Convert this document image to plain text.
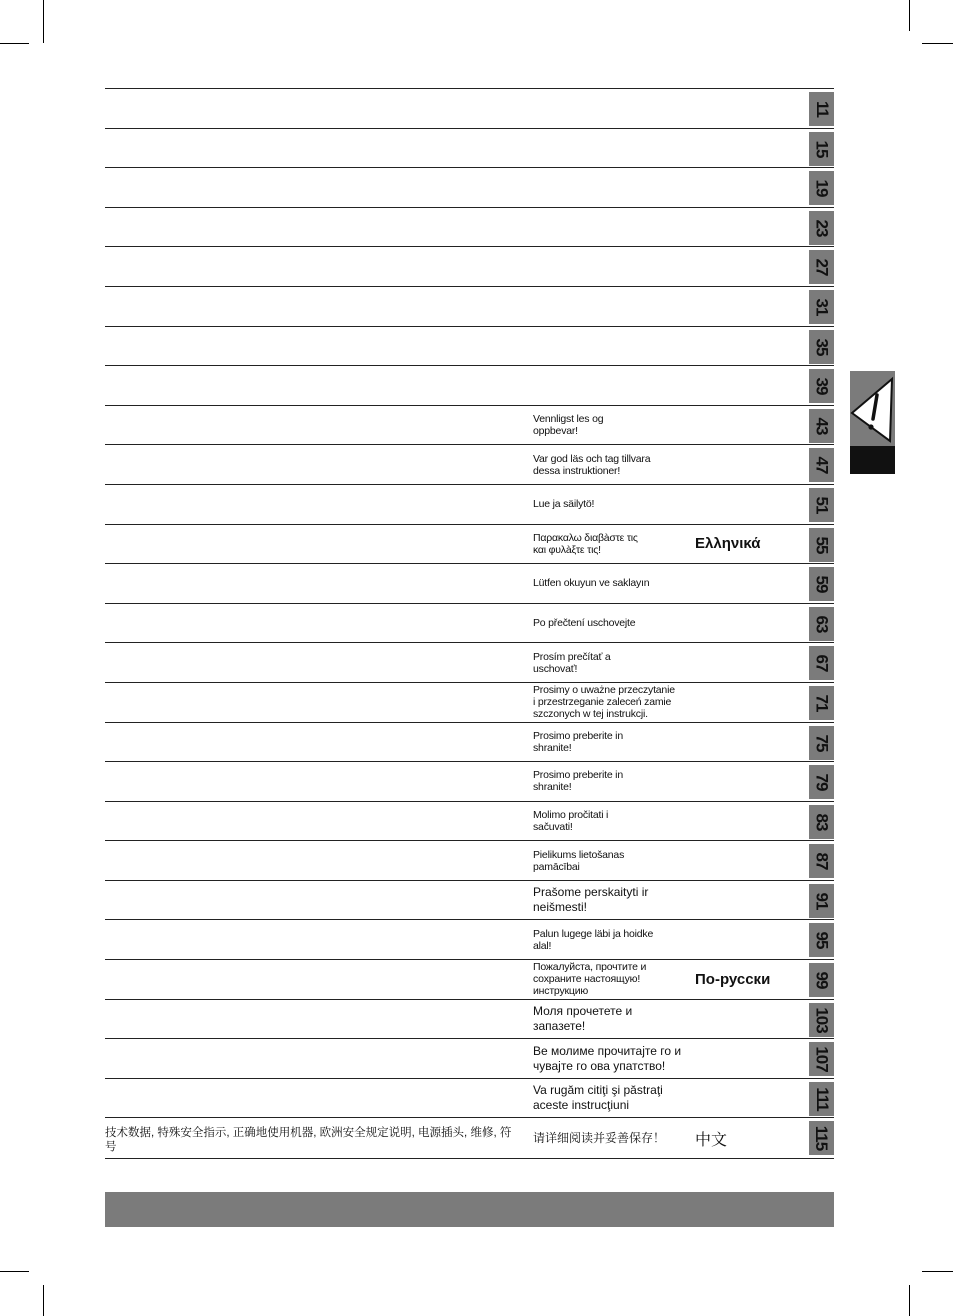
11
15
19
23
27
31
35
39
Vennligst les og
oppbevar!	43
Var god läs och tag tillvara
dessa instruktioner!	47
Lue ja säilytö!	51
Παρακαλω διαβàστε τις
και φυλàξτε τις!	Ελληνικά	55
Lütfen okuyun ve saklayın	59
Po přečtení uschovejte	63
Prosím prečítať a
uschovať!	67
Prosimy o uważne przeczytanie
i przestrzeganie zaleceń zamie
szczonych w tej instrukcji.
71
Prosimo preberite in
shranite!	75
Prosimo preberite in
shranite!	79
Molimo pročitati i
sačuvati!	83
Pielikums lietošanas
pamācībai	87
Prašome perskaityti ir
neišmesti!	91
Palun lugege läbi ja hoidke
alal!	95
Пожалуйста, прочтите и
сохраните настоящую!
инструкцию
По-русски 99
Моля прочетете и
запазете!	103
Ве молиме прочитајте го и
чувајте го ова упатство!	107
Va rugăm citiţi şi păstraţi
aceste instrucţiuni	111
技术数据, 特殊安全指示, 正确地使用机器, 欧洲安全规定说明, 电源插头, 维修, 符号
请详细阅读并妥善保存！	中文	115
